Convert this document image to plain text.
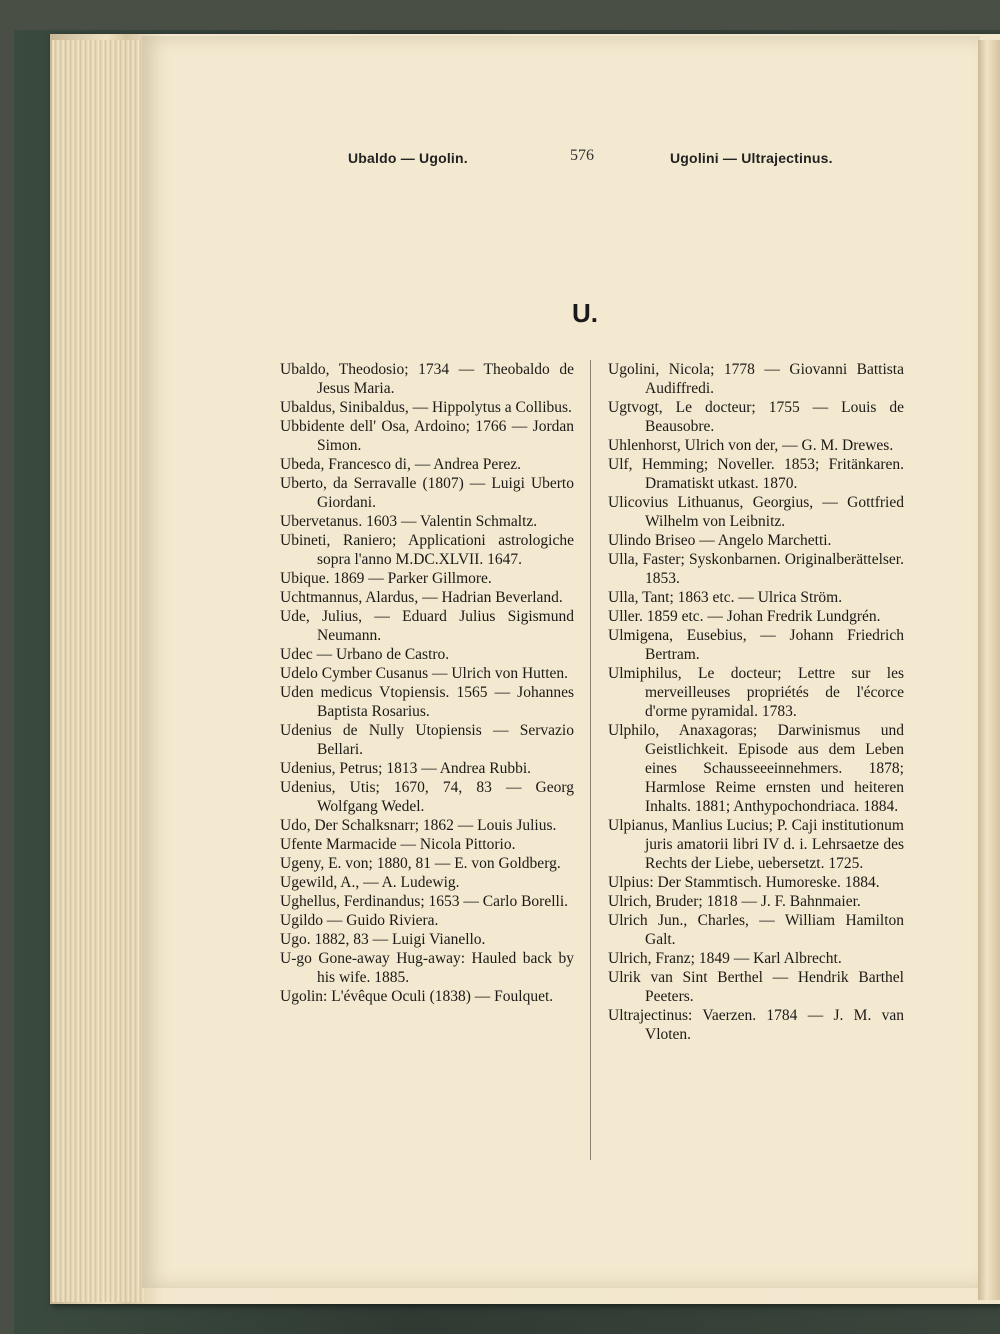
Ubaldo — Ugolin.	576	Ugolini — Ultrajectinus.
U.

Ubaldo, Theodosio; 1734 — Theobaldo de Jesus Maria.

Ubaldus, Sinibaldus, — Hippolytus a Collibus.

Ubbidente dell' Osa, Ardoino; 1766 — Jordan Simon.

Ubeda, Francesco di, — Andrea Perez.

Uberto, da Serravalle (1807) — Luigi Uberto Giordani.

Ubervetanus. 1603 — Valentin Schmaltz.

Ubineti, Raniero; Applicationi astrologiche sopra l'anno M.DC.XLVII. 1647.

Ubique. 1869 — Parker Gillmore.

Uchtmannus, Alardus, — Hadrian Beverland.

Ude, Julius, — Eduard Julius Sigismund Neumann.

Udec — Urbano de Castro.

Udelo Cymber Cusanus — Ulrich von Hutten.

Uden medicus Vtopiensis. 1565 — Johannes Baptista Rosarius.

Udenius de Nully Utopiensis — Servazio Bellari.

Udenius, Petrus; 1813 — Andrea Rubbi.

Udenius, Utis; 1670, 74, 83 — Georg Wolfgang Wedel.

Udo, Der Schalksnarr; 1862 — Louis Julius.

Ufente Marmacide — Nicola Pittorio.

Ugeny, E. von; 1880, 81 — E. von Goldberg.

Ugewild, A., — A. Ludewig.

Ughellus, Ferdinandus; 1653 — Carlo Borelli.

Ugildo — Guido Riviera.

Ugo. 1882, 83 — Luigi Vianello.

U-go Gone-away Hug-away: Hauled back by his wife. 1885.

Ugolin: L'évêque Oculi (1838) — Foulquet.

Ugolini, Nicola; 1778 — Giovanni Battista Audiffredi.

Ugtvogt, Le docteur; 1755 — Louis de Beausobre.

Uhlenhorst, Ulrich von der, — G. M. Drewes.

Ulf, Hemming; Noveller. 1853; Fritänkaren. Dramatiskt utkast. 1870.

Ulicovius Lithuanus, Georgius, — Gottfried Wilhelm von Leibnitz.

Ulindo Briseo — Angelo Marchetti.

Ulla, Faster; Syskonbarnen. Originalberättelser. 1853.

Ulla, Tant; 1863 etc. — Ulrica Ström.

Uller. 1859 etc. — Johan Fredrik Lundgrén.

Ulmigena, Eusebius, — Johann Friedrich Bertram.

Ulmiphilus, Le docteur; Lettre sur les merveilleuses propriétés de l'écorce d'orme pyramidal. 1783.

Ulphilo, Anaxagoras; Darwinismus und Geistlichkeit. Episode aus dem Leben eines Schausseeeinnehmers. 1878; Harmlose Reime ernsten und heiteren Inhalts. 1881; Anthypochondriaca. 1884.

Ulpianus, Manlius Lucius; P. Caji institutionum juris amatorii libri IV d. i. Lehrsaetze des Rechts der Liebe, uebersetzt. 1725.

Ulpius: Der Stammtisch. Humoreske. 1884.

Ulrich, Bruder; 1818 — J. F. Bahnmaier.

Ulrich Jun., Charles, — William Hamilton Galt.

Ulrich, Franz; 1849 — Karl Albrecht.

Ulrik van Sint Berthel — Hendrik Barthel Peeters.

Ultrajectinus: Vaerzen. 1784 — J. M. van Vloten.
